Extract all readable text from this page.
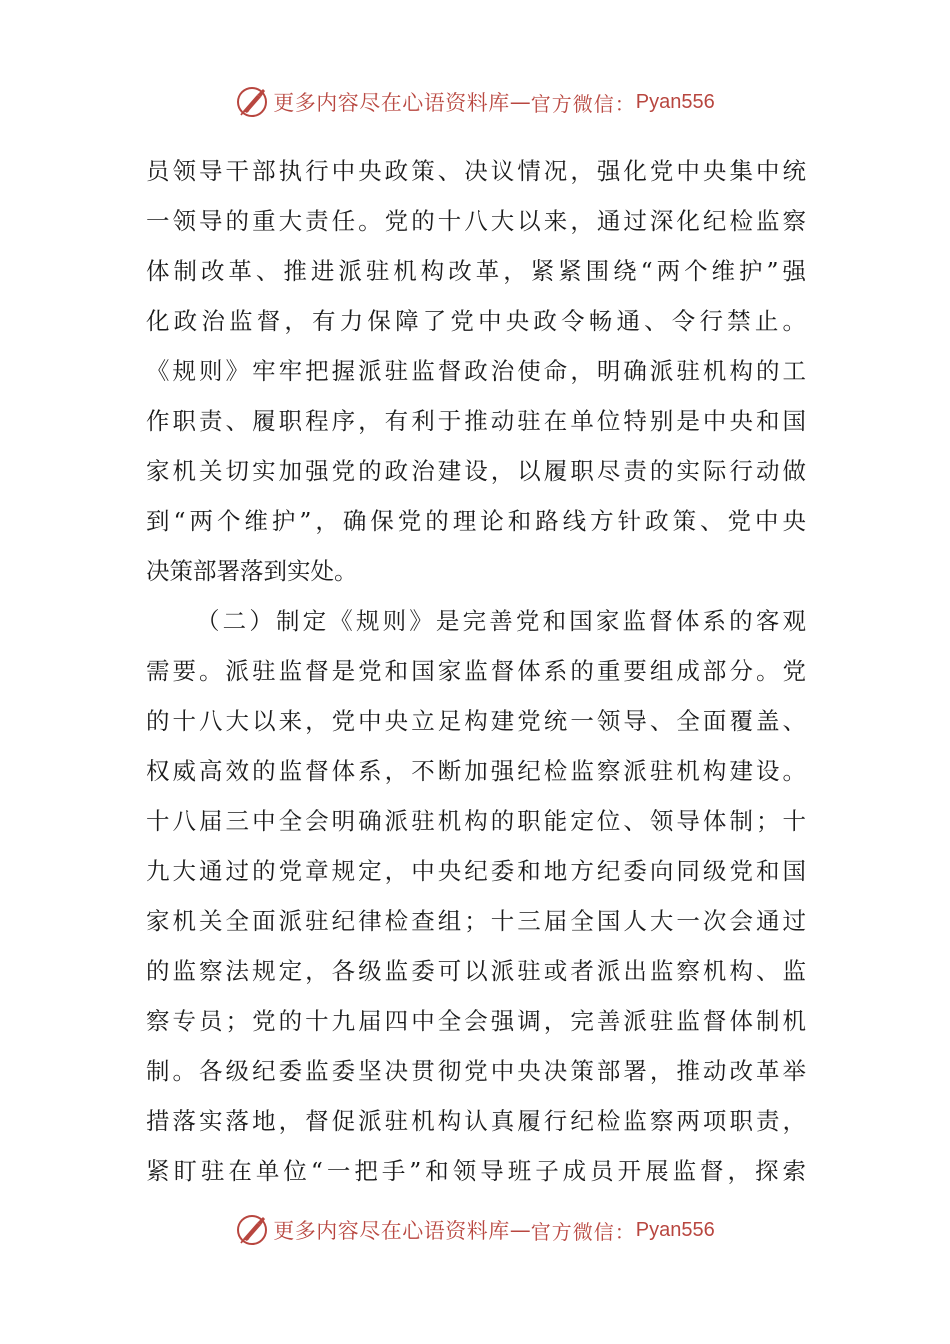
更多内容尽在心语资料库 — 官方微信： Pyan556
员领导干部执行中央政策、决议情况，强化党中央集中统
一领导的重大责任。党的十八大以来，通过深化纪检监察
体制改革、推进派驻机构改革，紧紧围绕“两个维护”强
化政治监督，有力保障了党中央政令畅通、令行禁止。
《规则》牢牢把握派驻监督政治使命，明确派驻机构的工
作职责、履职程序，有利于推动驻在单位特别是中央和国
家机关切实加强党的政治建设，以履职尽责的实际行动做
到“两个维护”，确保党的理论和路线方针政策、党中央
决策部署落到实处。
（二）制定《规则》是完善党和国家监督体系的客观
需要。派驻监督是党和国家监督体系的重要组成部分。党
的十八大以来，党中央立足构建党统一领导、全面覆盖、
权威高效的监督体系，不断加强纪检监察派驻机构建设。
十八届三中全会明确派驻机构的职能定位、领导体制；十
九大通过的党章规定，中央纪委和地方纪委向同级党和国
家机关全面派驻纪律检查组；十三届全国人大一次会通过
的监察法规定，各级监委可以派驻或者派出监察机构、监
察专员；党的十九届四中全会强调，完善派驻监督体制机
制。各级纪委监委坚决贯彻党中央决策部署，推动改革举
措落实落地，督促派驻机构认真履行纪检监察两项职责，
紧盯驻在单位“一把手”和领导班子成员开展监督，探索
更多内容尽在心语资料库 — 官方微信： Pyan556
